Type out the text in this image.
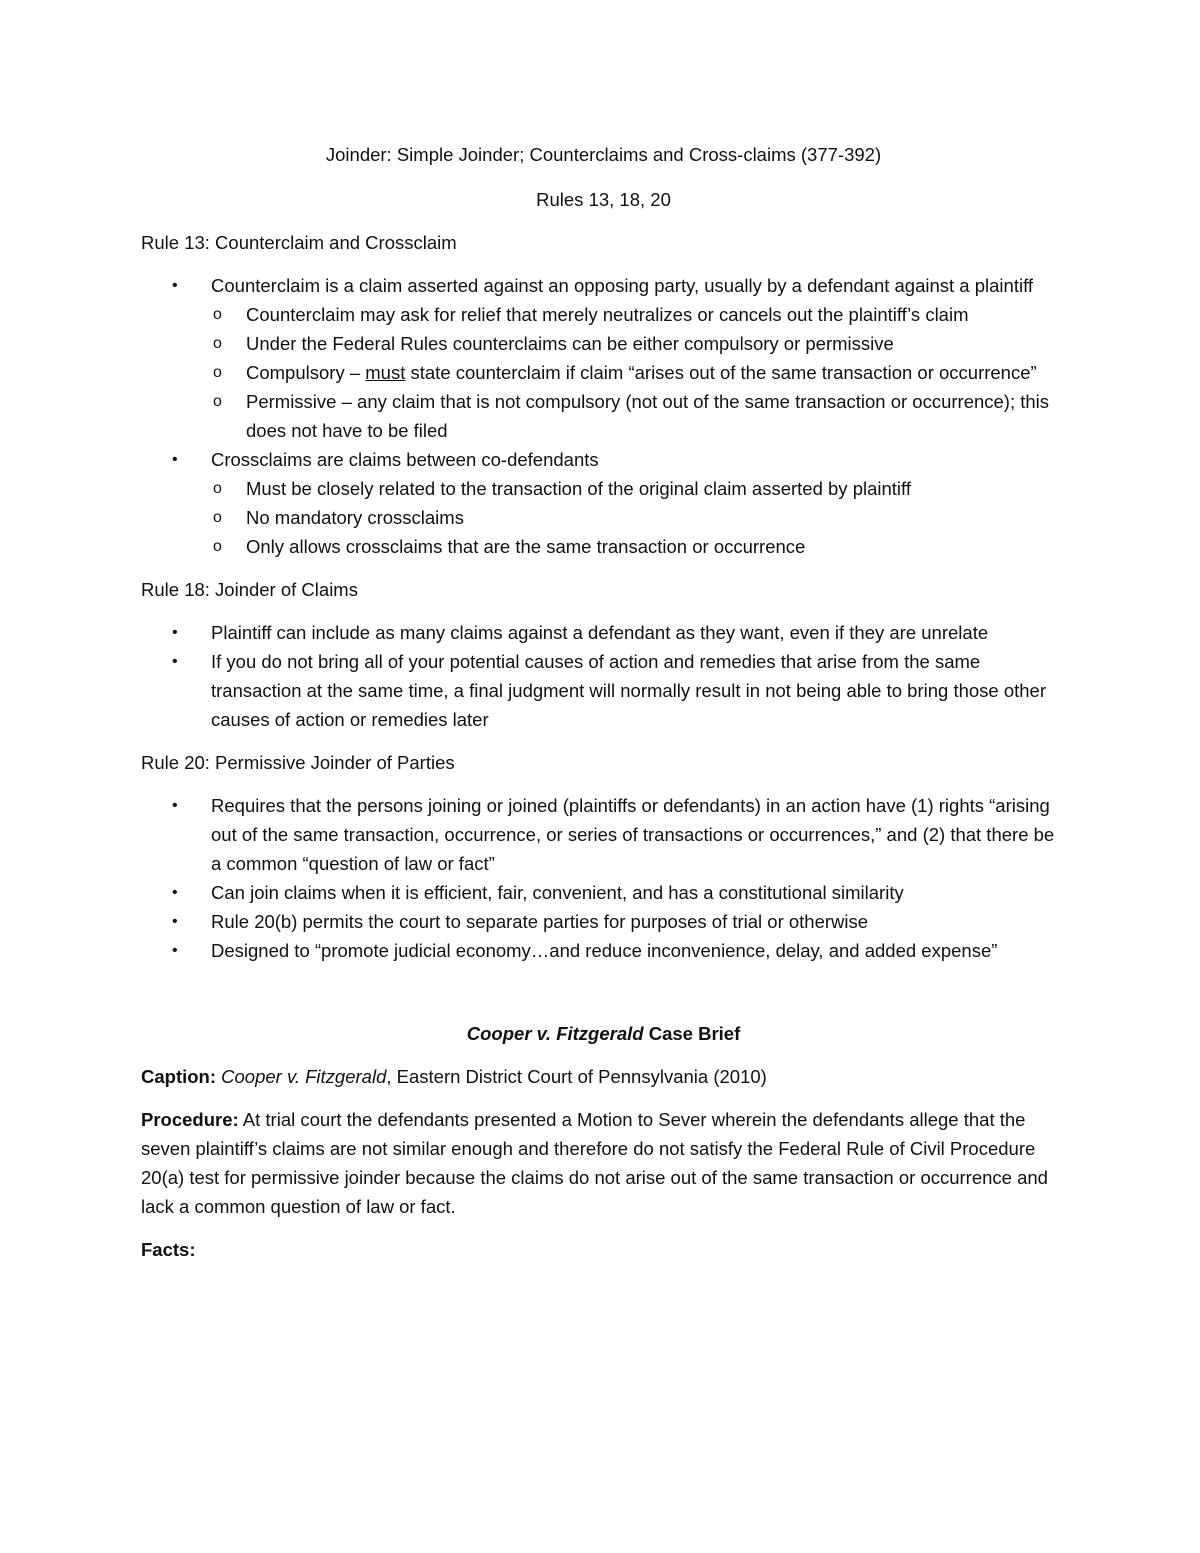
Joinder: Simple Joinder; Counterclaims and Cross-claims (377-392)

Rules 13, 18, 20

Rule 13: Counterclaim and Crossclaim

• Counterclaim is a claim asserted against an opposing party, usually by a defendant against a plaintiff
o Counterclaim may ask for relief that merely neutralizes or cancels out the plaintiff’s claim
o Under the Federal Rules counterclaims can be either compulsory or permissive
o Compulsory – must state counterclaim if claim “arises out of the same transaction or occurrence”
o Permissive – any claim that is not compulsory (not out of the same transaction or occurrence); this does not have to be filed
• Crossclaims are claims between co-defendants
o Must be closely related to the transaction of the original claim asserted by plaintiff
o No mandatory crossclaims
o Only allows crossclaims that are the same transaction or occurrence

Rule 18: Joinder of Claims

• Plaintiff can include as many claims against a defendant as they want, even if they are unrelate
• If you do not bring all of your potential causes of action and remedies that arise from the same transaction at the same time, a final judgment will normally result in not being able to bring those other causes of action or remedies later

Rule 20: Permissive Joinder of Parties

• Requires that the persons joining or joined (plaintiffs or defendants) in an action have (1) rights “arising out of the same transaction, occurrence, or series of transactions or occurrences,” and (2) that there be a common “question of law or fact”
• Can join claims when it is efficient, fair, convenient, and has a constitutional similarity
• Rule 20(b) permits the court to separate parties for purposes of trial or otherwise
• Designed to “promote judicial economy…and reduce inconvenience, delay, and added expense”

Cooper v. Fitzgerald Case Brief

Caption: Cooper v. Fitzgerald, Eastern District Court of Pennsylvania (2010)

Procedure: At trial court the defendants presented a Motion to Sever wherein the defendants allege that the seven plaintiff’s claims are not similar enough and therefore do not satisfy the Federal Rule of Civil Procedure 20(a) test for permissive joinder because the claims do not arise out of the same transaction or occurrence and lack a common question of law or fact.

Facts:
